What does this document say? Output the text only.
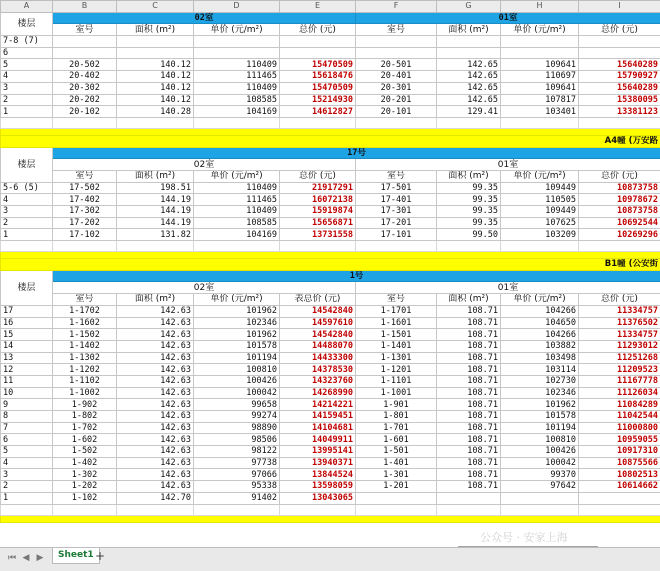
A	B	C	D	E	F	G	H	I
楼层	02室				01室			
	室号	面积 (m²)	单价 (元/m²)	总价 (元)	室号	面积 (m²)	单价 (元/m²)	总价 (元)
7-8 (7)								
6								
5	20-502	140.12	110409	15470509	20-501	142.65	109641	15640289
4	20-402	140.12	111465	15618476	20-401	142.65	110697	15790927
3	20-302	140.12	110409	15470509	20-301	142.65	109641	15640289
2	20-202	140.12	108585	15214930	20-201	142.65	107817	15380095
1	20-102	140.28	104169	14612827	20-101	129.41	103401	13381123

A4幢 (万安路								
楼层	17号							
	02室				01室			
	室号	面积 (m²)	单价 (元/m²)	总价 (元)	室号	面积 (m²)	单价 (元/m²)	总价 (元)
5-6 (5)	17-502	198.51	110409	21917291	17-501	99.35	109449	10873758
4	17-402	144.19	111465	16072138	17-401	99.35	110505	10978672
3	17-302	144.19	110409	15919874	17-301	99.35	109449	10873758
2	17-202	144.19	108585	15656871	17-201	99.35	107625	10692544
1	17-102	131.82	104169	13731558	17-101	99.50	103209	10269296

B1幢 (公安街								
楼层	1号							
	02室				01室			
	室号	面积 (m²)	单价 (元/m²)	表总价 (元)	室号	面积 (m²)	单价 (元/m²)	总价 (元)
17	1-1702	142.63	101962	14542840	1-1701	108.71	104266	11334757
16	1-1602	142.63	102346	14597610	1-1601	108.71	104650	11376502
15	1-1502	142.63	101962	14542840	1-1501	108.71	104266	11334757
14	1-1402	142.63	101578	14488070	1-1401	108.71	103882	11293012
13	1-1302	142.63	101194	14433300	1-1301	108.71	103498	11251268
12	1-1202	142.63	100810	14378530	1-1201	108.71	103114	11209523
11	1-1102	142.63	100426	14323760	1-1101	108.71	102730	11167778
10	1-1002	142.63	100042	14268990	1-1001	108.71	102346	11126034
9	1-902	142.63	99658	14214221	1-901	108.71	101962	11084289
8	1-802	142.63	99274	14159451	1-801	108.71	101578	11042544
7	1-702	142.63	98890	14104681	1-701	108.71	101194	11000800
6	1-602	142.63	98506	14049911	1-601	108.71	100810	10959055
5	1-502	142.63	98122	13995141	1-501	108.71	100426	10917310
4	1-402	142.63	97738	13940371	1-401	108.71	100042	10875566
3	1-302	142.63	97066	13844524	1-301	108.71	99370	10802513
2	1-202	142.63	95338	13598059	1-201	108.71	97642	10614662
1	1-102	142.70	91402	13043065				

公众号 · 安家上海
⏮ ◀ ▶	Sheet1 +
